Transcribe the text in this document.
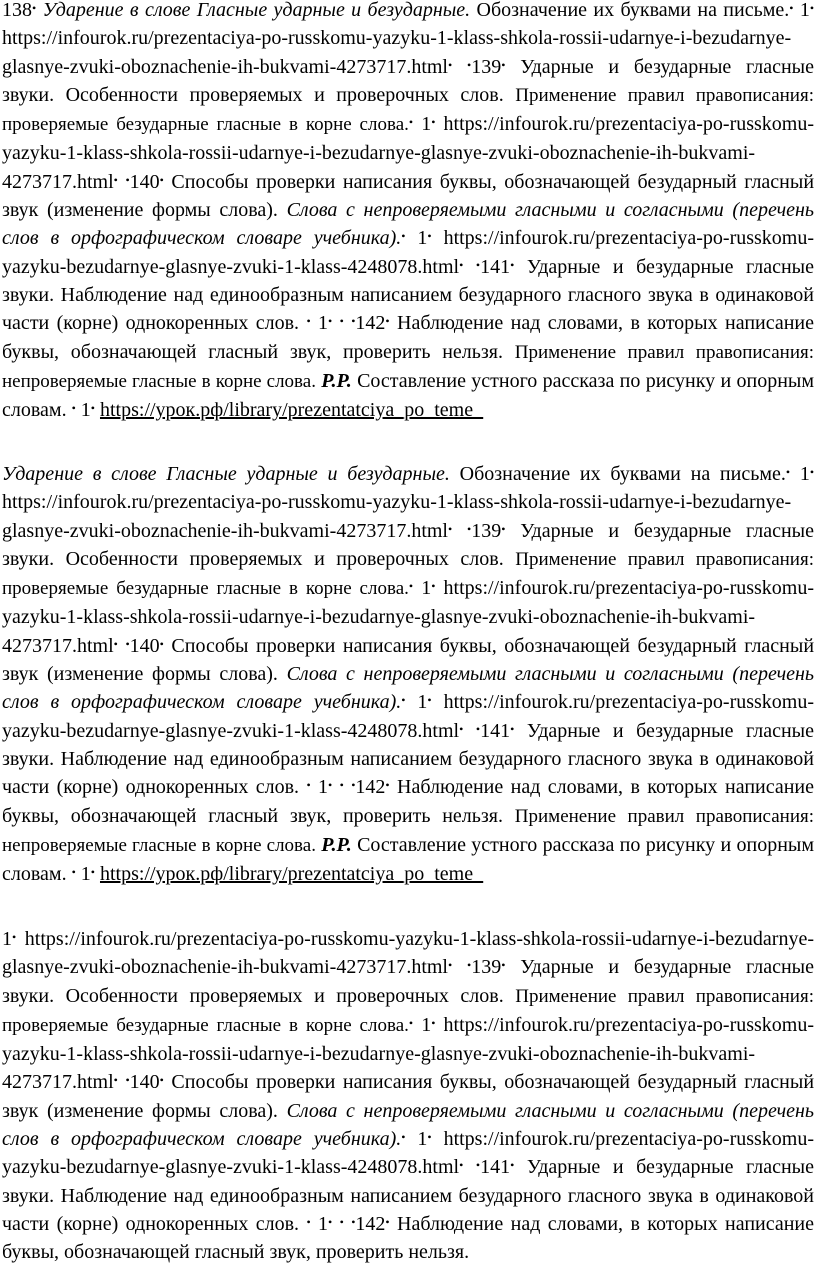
138• Ударение в слове Гласные ударные и безударные. Обозначение их буквами на письме.• 1• https://infourok.ru/prezentaciya-po-russkomu-yazyku-1-klass-shkola-rossii-udarnye-i-bezudarnye-glasnye-zvuki-oboznachenie-ih-bukvami-4273717.html• •139• Ударные и безударные гласные звуки. Особенности проверяемых и проверочных слов. Применение правил правописания: проверяемые безударные гласные в корне слова.• 1• https://infourok.ru/prezentaciya-po-russkomu-yazyku-1-klass-shkola-rossii-udarnye-i-bezudarnye-glasnye-zvuki-oboznachenie-ih-bukvami-4273717.html• •140• Способы проверки написания буквы, обозначающей безударный гласный звук (изменение формы слова). Слова с непроверяемыми гласными и согласными (перечень слов в орфографическом словаре учебника).• 1• https://infourok.ru/prezentaciya-po-russkomu-yazyku-bezudarnye-glasnye-zvuki-1-klass-4248078.html• •141• Ударные и безударные гласные звуки. Наблюдение над единообразным написанием безударного гласного звука в одинаковой части (корне) однокоренных слов. • 1• • •142• Наблюдение над словами, в которых написание буквы, обозначающей гласный звук, проверить нельзя. Применение правил правописания: непроверяемые гласные в корне слова. Р.Р. Составление устного рассказа по рисунку и опорным словам. • 1• https://урок.рф/library/prezentatciya_po_teme_

Ударение в слове Гласные ударные и безударные. Обозначение их буквами на письме.• 1• https://infourok.ru/prezentaciya-po-russkomu-yazyku-1-klass-shkola-rossii-udarnye-i-bezudarnye-glasnye-zvuki-oboznachenie-ih-bukvami-4273717.html• •139• Ударные и безударные гласные звуки. Особенности проверяемых и проверочных слов. Применение правил правописания: проверяемые безударные гласные в корне слова.• 1• https://infourok.ru/prezentaciya-po-russkomu-yazyku-1-klass-shkola-rossii-udarnye-i-bezudarnye-glasnye-zvuki-oboznachenie-ih-bukvami-4273717.html• •140• Способы проверки написания буквы, обозначающей безударный гласный звук (изменение формы слова). Слова с непроверяемыми гласными и согласными (перечень слов в орфографическом словаре учебника).• 1• https://infourok.ru/prezentaciya-po-russkomu-yazyku-bezudarnye-glasnye-zvuki-1-klass-4248078.html• •141• Ударные и безударные гласные звуки. Наблюдение над единообразным написанием безударного гласного звука в одинаковой части (корне) однокоренных слов. • 1• • •142• Наблюдение над словами, в которых написание буквы, обозначающей гласный звук, проверить нельзя. Применение правил правописания: непроверяемые гласные в корне слова. Р.Р. Составление устного рассказа по рисунку и опорным словам. • 1• https://урок.рф/library/prezentatciya_po_teme_

1• https://infourok.ru/prezentaciya-po-russkomu-yazyku-1-klass-shkola-rossii-udarnye-i-bezudarnye-glasnye-zvuki-oboznachenie-ih-bukvami-4273717.html• •139• Ударные и безударные гласные звуки. Особенности проверяемых и проверочных слов. Применение правил правописания: проверяемые безударные гласные в корне слова.• 1• https://infourok.ru/prezentaciya-po-russkomu-yazyku-1-klass-shkola-rossii-udarnye-i-bezudarnye-glasnye-zvuki-oboznachenie-ih-bukvami-4273717.html• •140• Способы проверки написания буквы, обозначающей безударный гласный звук (изменение формы слова). Слова с непроверяемыми гласными и согласными (перечень слов в орфографическом словаре учебника).• 1• https://infourok.ru/prezentaciya-po-russkomu-yazyku-bezudarnye-glasnye-zvuki-1-klass-4248078.html• •141• Ударные и безударные гласные звуки. Наблюдение над единообразным написанием безударного гласного звука в одинаковой части (корне) однокоренных слов. • 1• • •142• Наблюдение над словами, в которых написание буквы, обозначающей гласный звук, проверить нельзя.
